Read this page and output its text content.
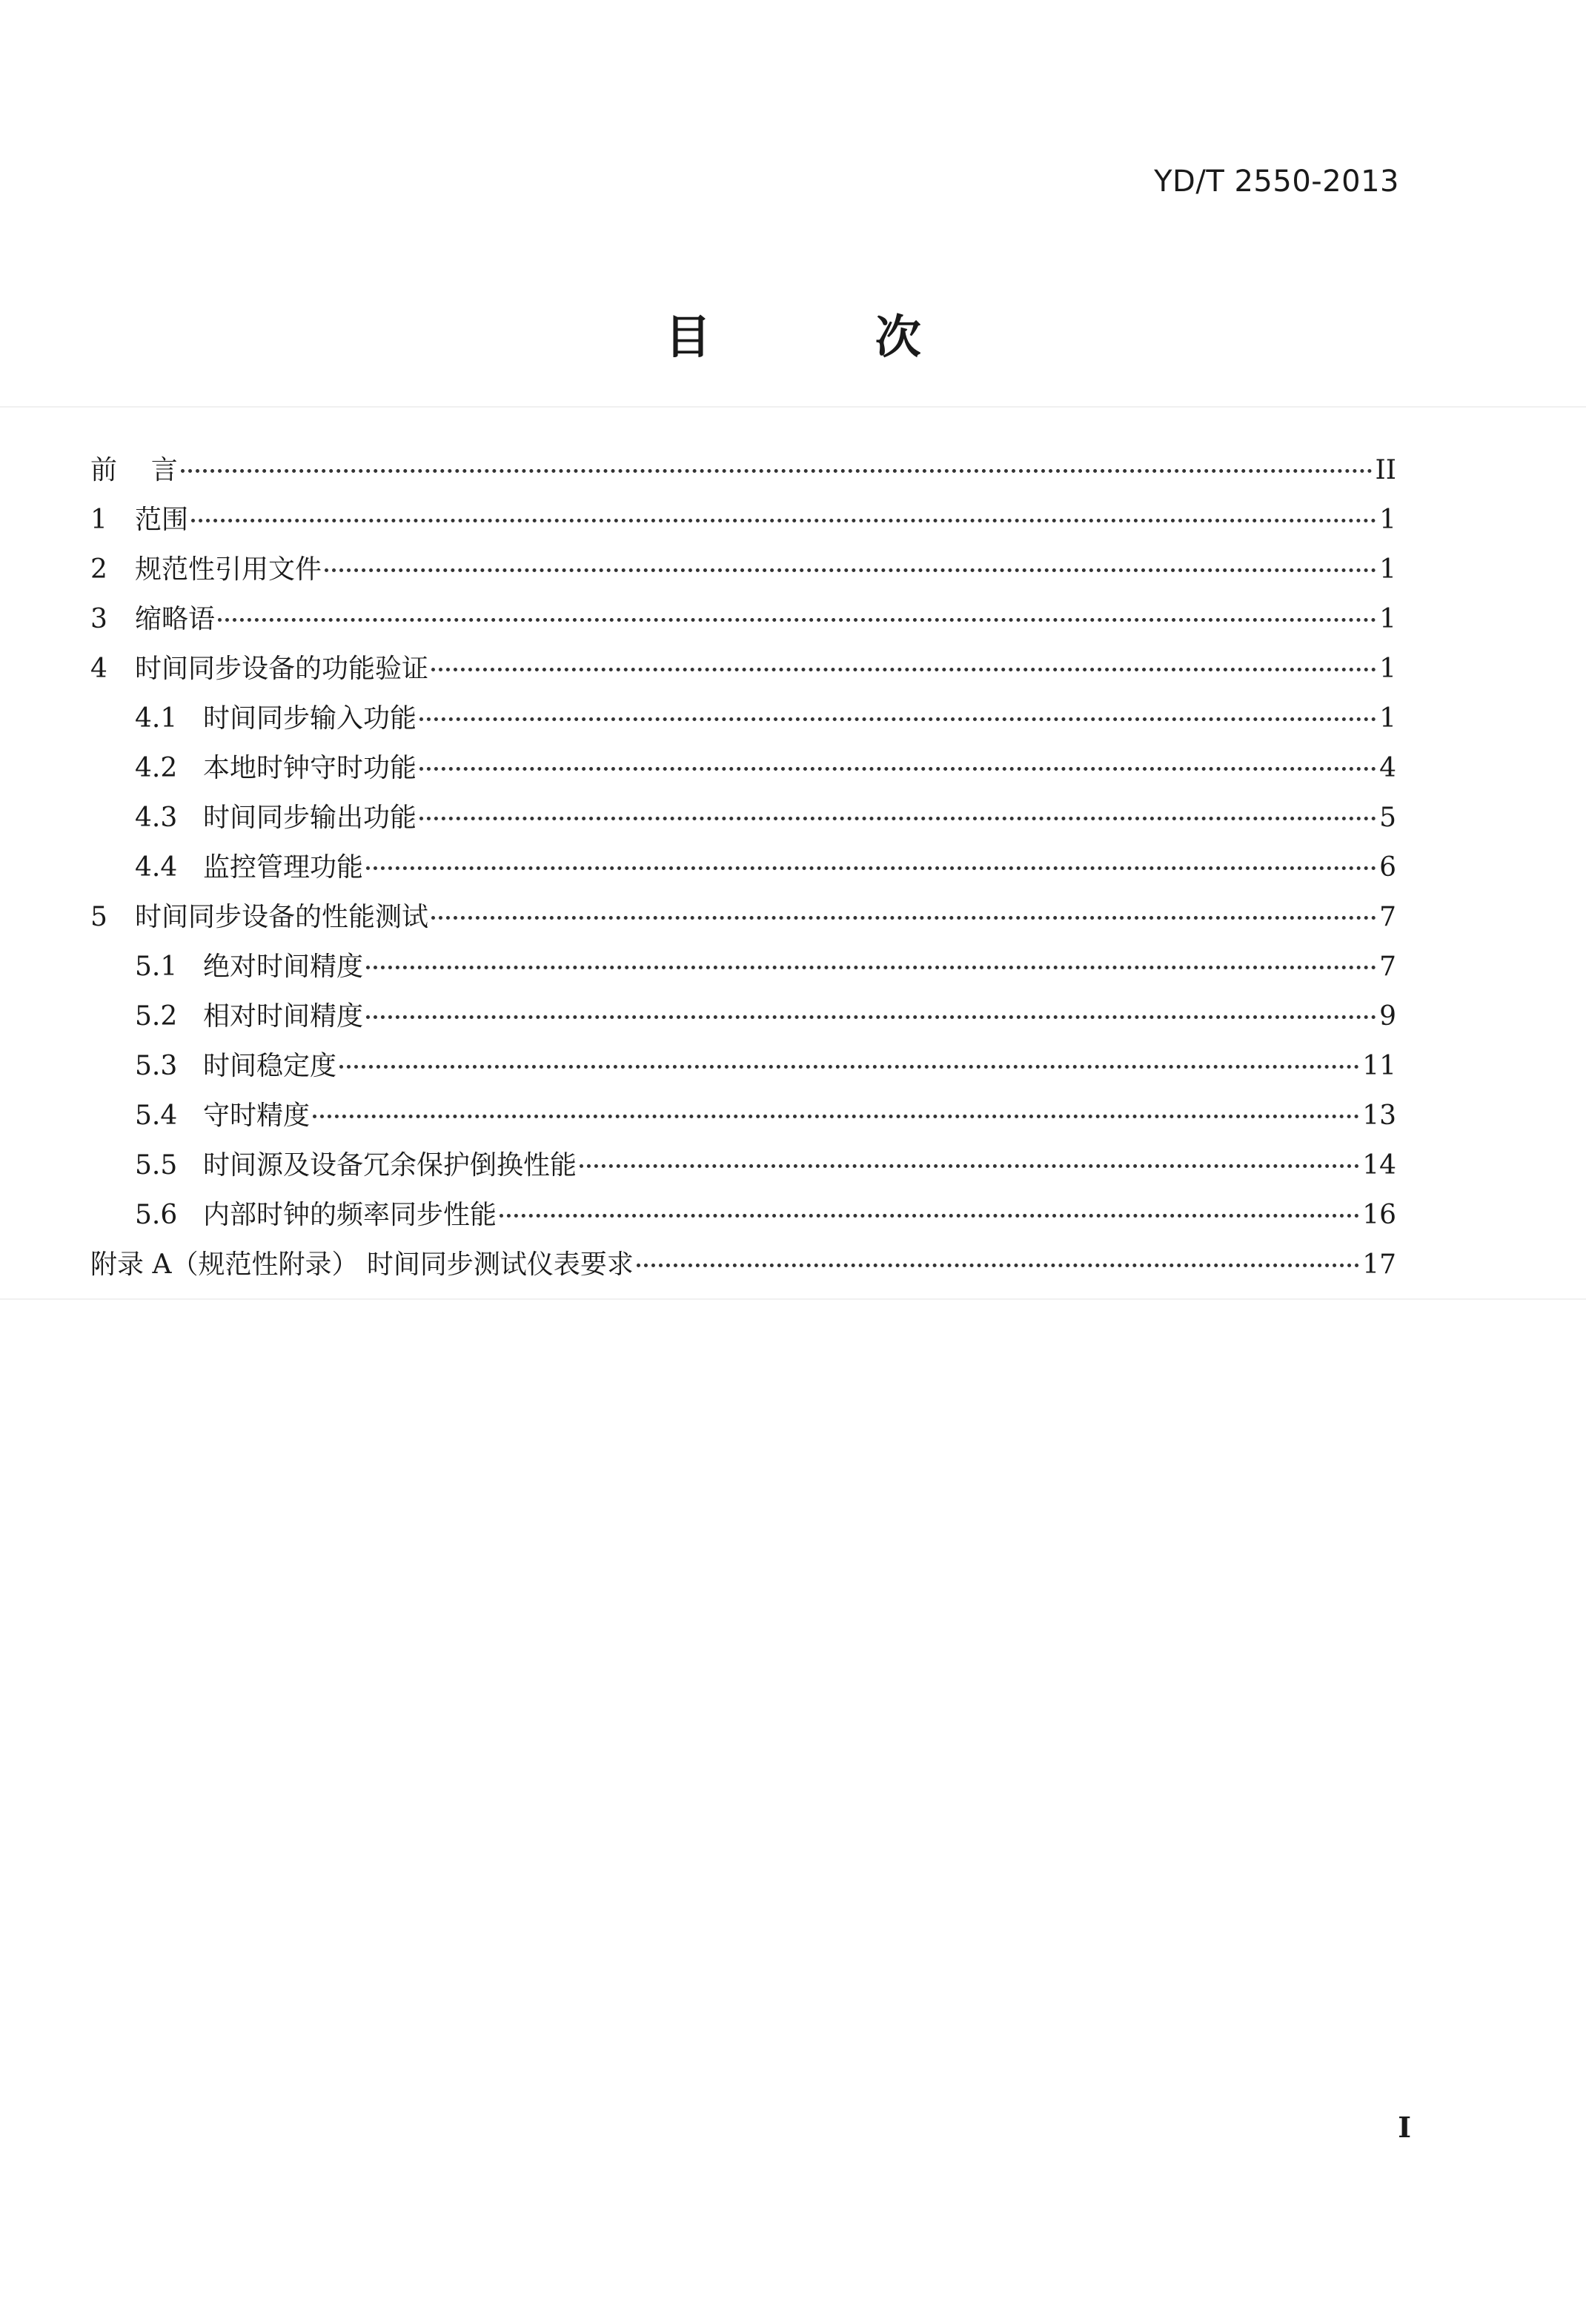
YD/T 2550-2013
目 次
前    言	II
1	范围	1
2	规范性引用文件	1
3	缩略语	1
4	时间同步设备的功能验证	1
4.1 时间同步输入功能	1
4.2 本地时钟守时功能	4
4.3 时间同步输出功能	5
4.4 监控管理功能	6
5	时间同步设备的性能测试	7
5.1 绝对时间精度	7
5.2 相对时间精度	9
5.3 时间稳定度	11
5.4 守时精度	13
5.5 时间源及设备冗余保护倒换性能	14
5.6 内部时钟的频率同步性能	16
附录 A（规范性附录） 时间同步测试仪表要求	17
I
